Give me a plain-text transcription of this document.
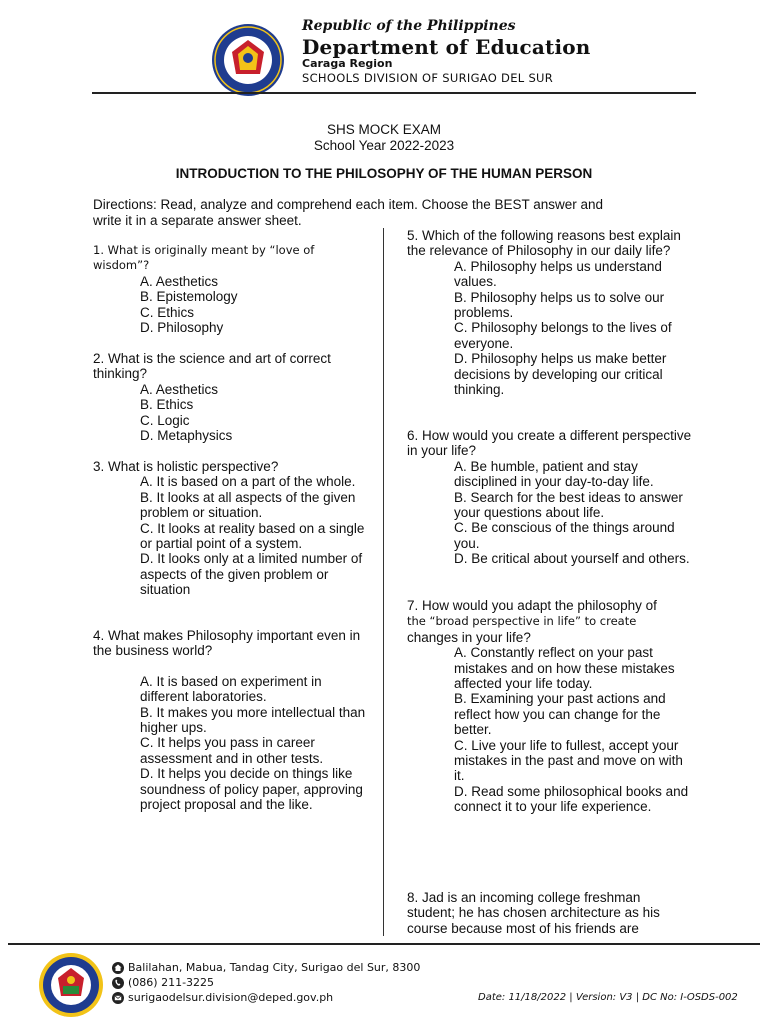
Republic of the Philippines
Department of Education
Caraga Region
SCHOOLS DIVISION OF SURIGAO DEL SUR
SHS MOCK EXAM
School Year 2022-2023
INTRODUCTION TO THE PHILOSOPHY OF THE HUMAN PERSON
Directions: Read, analyze and comprehend each item. Choose the BEST answer and write it in a separate answer sheet.

1. What is originally meant by “love of wisdom”?

A. Aesthetics
B. Epistemology
C. Ethics
D. Philosophy

2. What is the science and art of correct thinking?

A. Aesthetics
B. Ethics
C. Logic
D. Metaphysics

3. What is holistic perspective?

A. It is based on a part of the whole.
B. It looks at all aspects of the given problem or situation.
C. It looks at reality based on a single or partial point of a system.
D. It looks only at a limited number of aspects of the given problem or situation

4. What makes Philosophy important even in the business world?

A. It is based on experiment in different laboratories.
B. It makes you more intellectual than higher ups.
C. It helps you pass in career assessment and in other tests.
D. It helps you decide on things like soundness of policy paper, approving project proposal and the like.

5. Which of the following reasons best explain the relevance of Philosophy in our daily life?

A. Philosophy helps us understand values.
B. Philosophy helps us to solve our problems.
C. Philosophy belongs to the lives of everyone.
D. Philosophy helps us make better decisions by developing our critical thinking.

6. How would you create a different perspective in your life?

A. Be humble, patient and stay disciplined in your day-to-day life.
B. Search for the best ideas to answer your questions about life.
C. Be conscious of the things around you.
D. Be critical about yourself and others.

7. How would you adapt the philosophy of
the “broad perspective in life” to create
changes in your life?

A. Constantly reflect on your past mistakes and on how these mistakes affected your life today.
B. Examining your past actions and reflect how you can change for the better.
C. Live your life to fullest, accept your mistakes in the past and move on with it.
D. Read some philosophical books and connect it to your life experience.

8. Jad is an incoming college freshman student; he has chosen architecture as his course because most of his friends are

Balilahan, Mabua, Tandag City, Surigao del Sur, 8300
(086) 211-3225
surigaodelsur.division@deped.gov.ph	Date: 11/18/2022 | Version: V3 | DC No: I-OSDS-002
